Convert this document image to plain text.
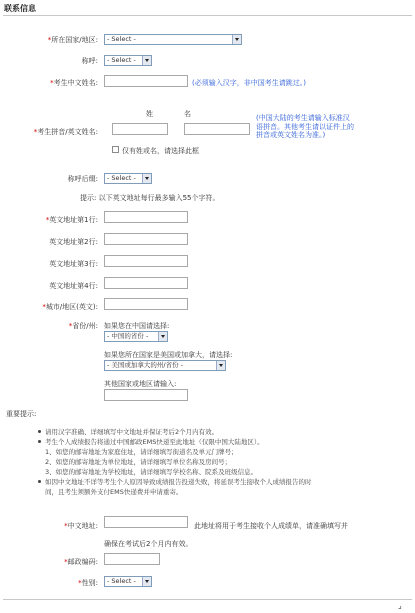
联系信息
*所在国家/地区:	- Select -
称呼:	- Select -
*考生中文姓名:	(必须输入汉字，非中国考生请跳过。)
姓	名
*考生拼音/英文姓名:
(中国大陆的考生请输入标准汉语拼音。其他考生请以证件上的拼音或英文姓名为准。)
仅有姓或名，请选择此框
称呼后缀:	- Select -
提示: 以下英文地址每行最多输入55个字符。
*英文地址第1行:
英文地址第2行:
英文地址第3行:
英文地址第4行:
*城市/地区(英文):
*省份/州: 如果您在中国请选择:
- 中国的省份 -
如果您所在国家是美国或加拿大，请选择:
- 美国或加拿大的州/省份 -
其他国家或地区请输入:
重要提示:
请用汉字准确、详细填写中文地址并保证考后2个月内有效。
考生个人成绩报告将通过中国邮政EMS快递至此地址（仅限中国大陆地区）。
1、如您的邮寄地址为家庭住址，请详细填写街道名及单元门牌号；
2、如您的邮寄地址为单位地址，请详细填写单位名称及房间号；
3、如您的邮寄地址为学校地址，请详细填写学校名称、院系及班级信息。
如因中文地址不详等考生个人原因导致成绩报告投递失败，将延误考生接收个人成绩报告的时
间，且考生须额外支付EMS快递费并申请重寄。
*中文地址:	此地址将用于考生接收个人成绩单，请准确填写并
确保在考试后2个月内有效。
*邮政编码:
*性别:	- Select -
⌟
